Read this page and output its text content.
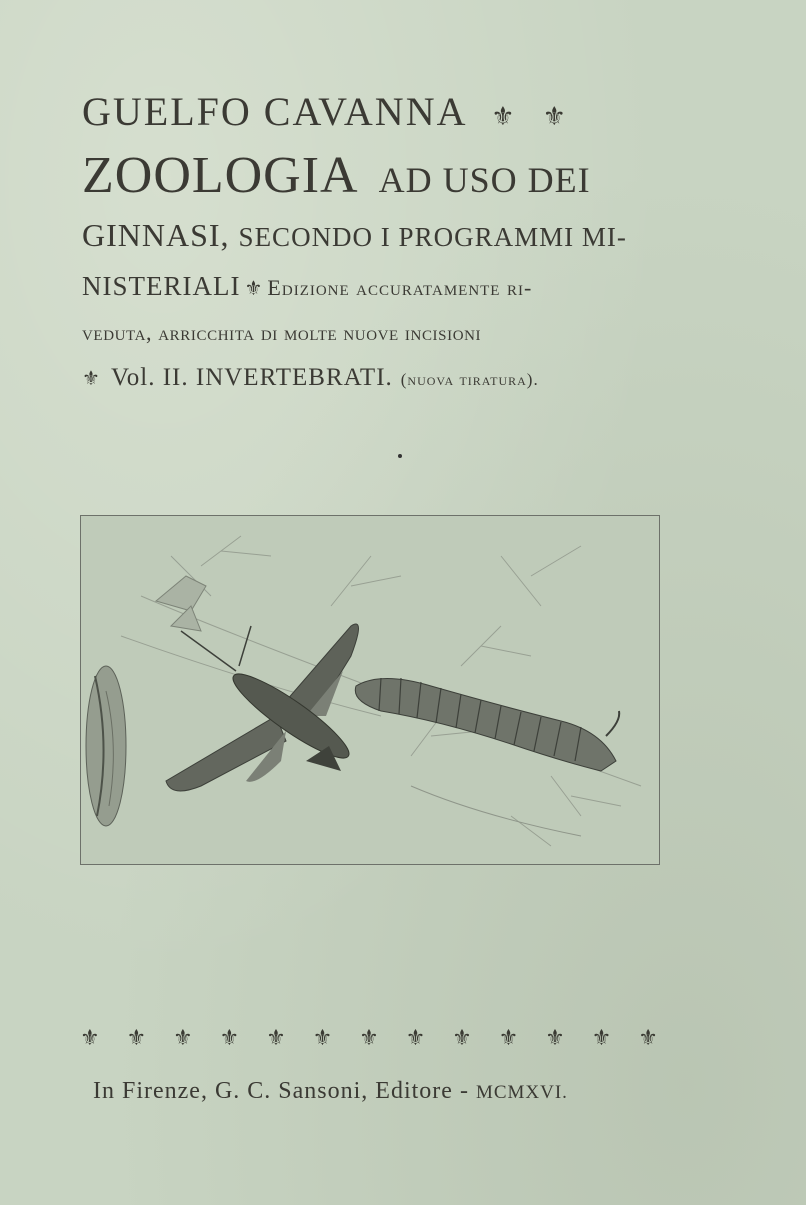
GUELFO CAVANNA ⚜ ⚜
ZOOLOGIA AD USO DEI
GINNASI, SECONDO I PROGRAMMI MI-
NISTERIALI ⚜ Edizione accuratamente ri-
veduta, arricchita di molte nuove incisioni
⚜ Vol. II. INVERTEBRATI. (nuova tiratura).
⚜ ⚜ ⚜ ⚜ ⚜ ⚜ ⚜ ⚜ ⚜ ⚜ ⚜ ⚜ ⚜
In Firenze, G. C. Sansoni, Editore - MCMXVI.
